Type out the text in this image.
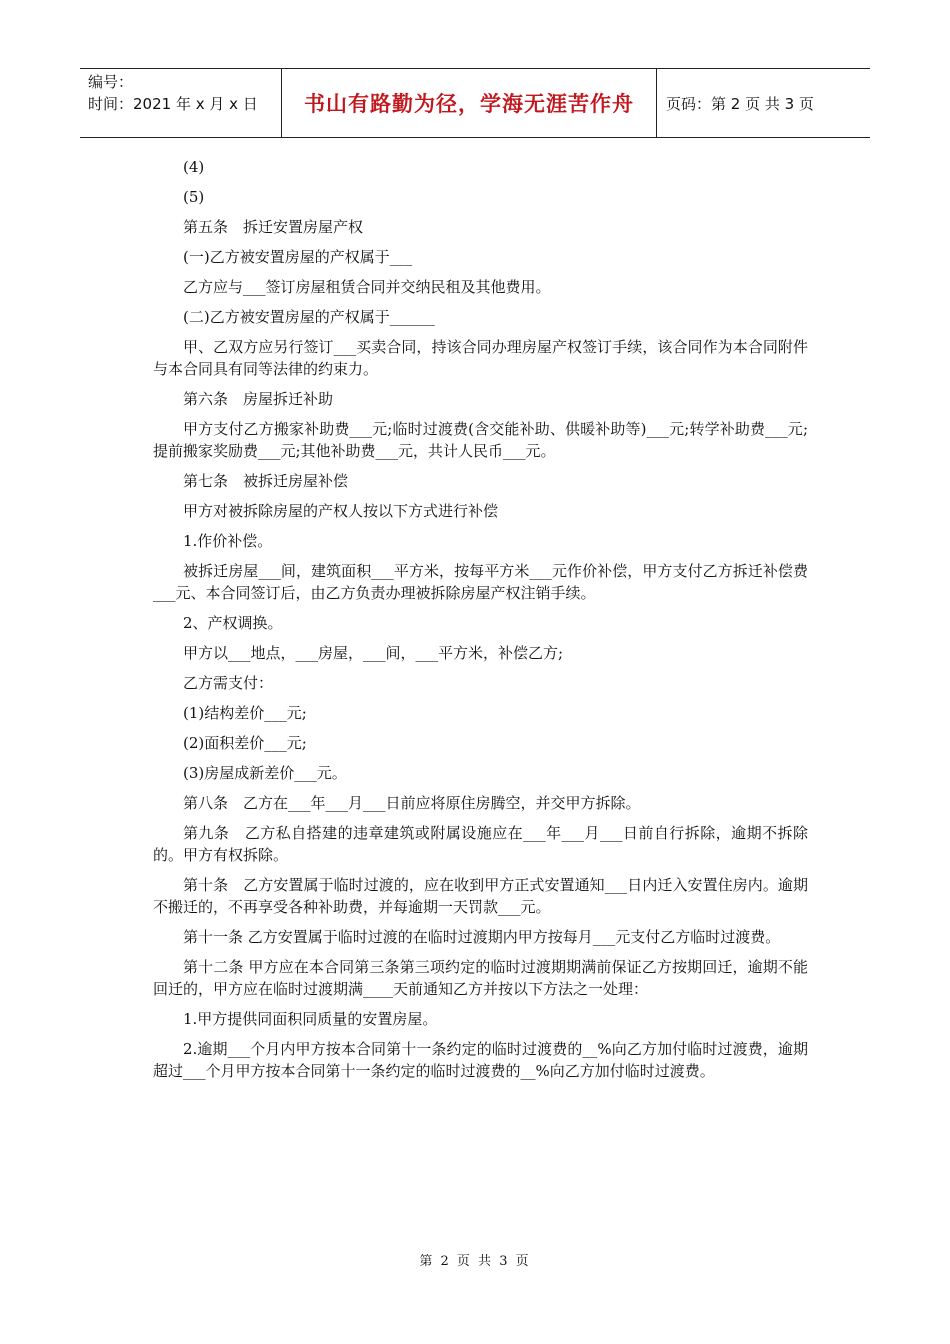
编号：
时间：2021 年 x 月 x 日	书山有路勤为径，学海无涯苦作舟	页码：第 2 页 共 3 页

(4)

(5)

第五条　拆迁安置房屋产权

(一)乙方被安置房屋的产权属于___

乙方应与___签订房屋租赁合同并交纳民租及其他费用。

(二)乙方被安置房屋的产权属于______

甲、乙双方应另行签订___买卖合同，持该合同办理房屋产权签订手续，该合同作为本合同附件与本合同具有同等法律的约束力。

第六条　房屋拆迁补助

甲方支付乙方搬家补助费___元;临时过渡费(含交能补助、供暖补助等)___元;转学补助费___元;提前搬家奖励费___元;其他补助费___元，共计人民币___元。

第七条　被拆迁房屋补偿

甲方对被拆除房屋的产权人按以下方式进行补偿

1.作价补偿。

被拆迁房屋___间，建筑面积___平方米，按每平方米___元作价补偿，甲方支付乙方拆迁补偿费___元、本合同签订后，由乙方负责办理被拆除房屋产权注销手续。

2、产权调换。

甲方以___地点，___房屋，___间，___平方米，补偿乙方;

乙方需支付：

(1)结构差价___元;

(2)面积差价___元;

(3)房屋成新差价___元。

第八条　乙方在___年___月___日前应将原住房腾空，并交甲方拆除。

第九条　乙方私自搭建的违章建筑或附属设施应在___年___月___日前自行拆除，逾期不拆除的。甲方有权拆除。

第十条　乙方安置属于临时过渡的，应在收到甲方正式安置通知___日内迁入安置住房内。逾期不搬迁的，不再享受各种补助费，并每逾期一天罚款___元。

第十一条 乙方安置属于临时过渡的在临时过渡期内甲方按每月___元支付乙方临时过渡费。

第十二条 甲方应在本合同第三条第三项约定的临时过渡期期满前保证乙方按期回迁，逾期不能回迁的，甲方应在临时过渡期满____天前通知乙方并按以下方法之一处理：

1.甲方提供同面积同质量的安置房屋。

2.逾期___个月内甲方按本合同第十一条约定的临时过渡费的__%向乙方加付临时过渡费，逾期超过___个月甲方按本合同第十一条约定的临时过渡费的__%向乙方加付临时过渡费。

第 2 页 共 3 页
